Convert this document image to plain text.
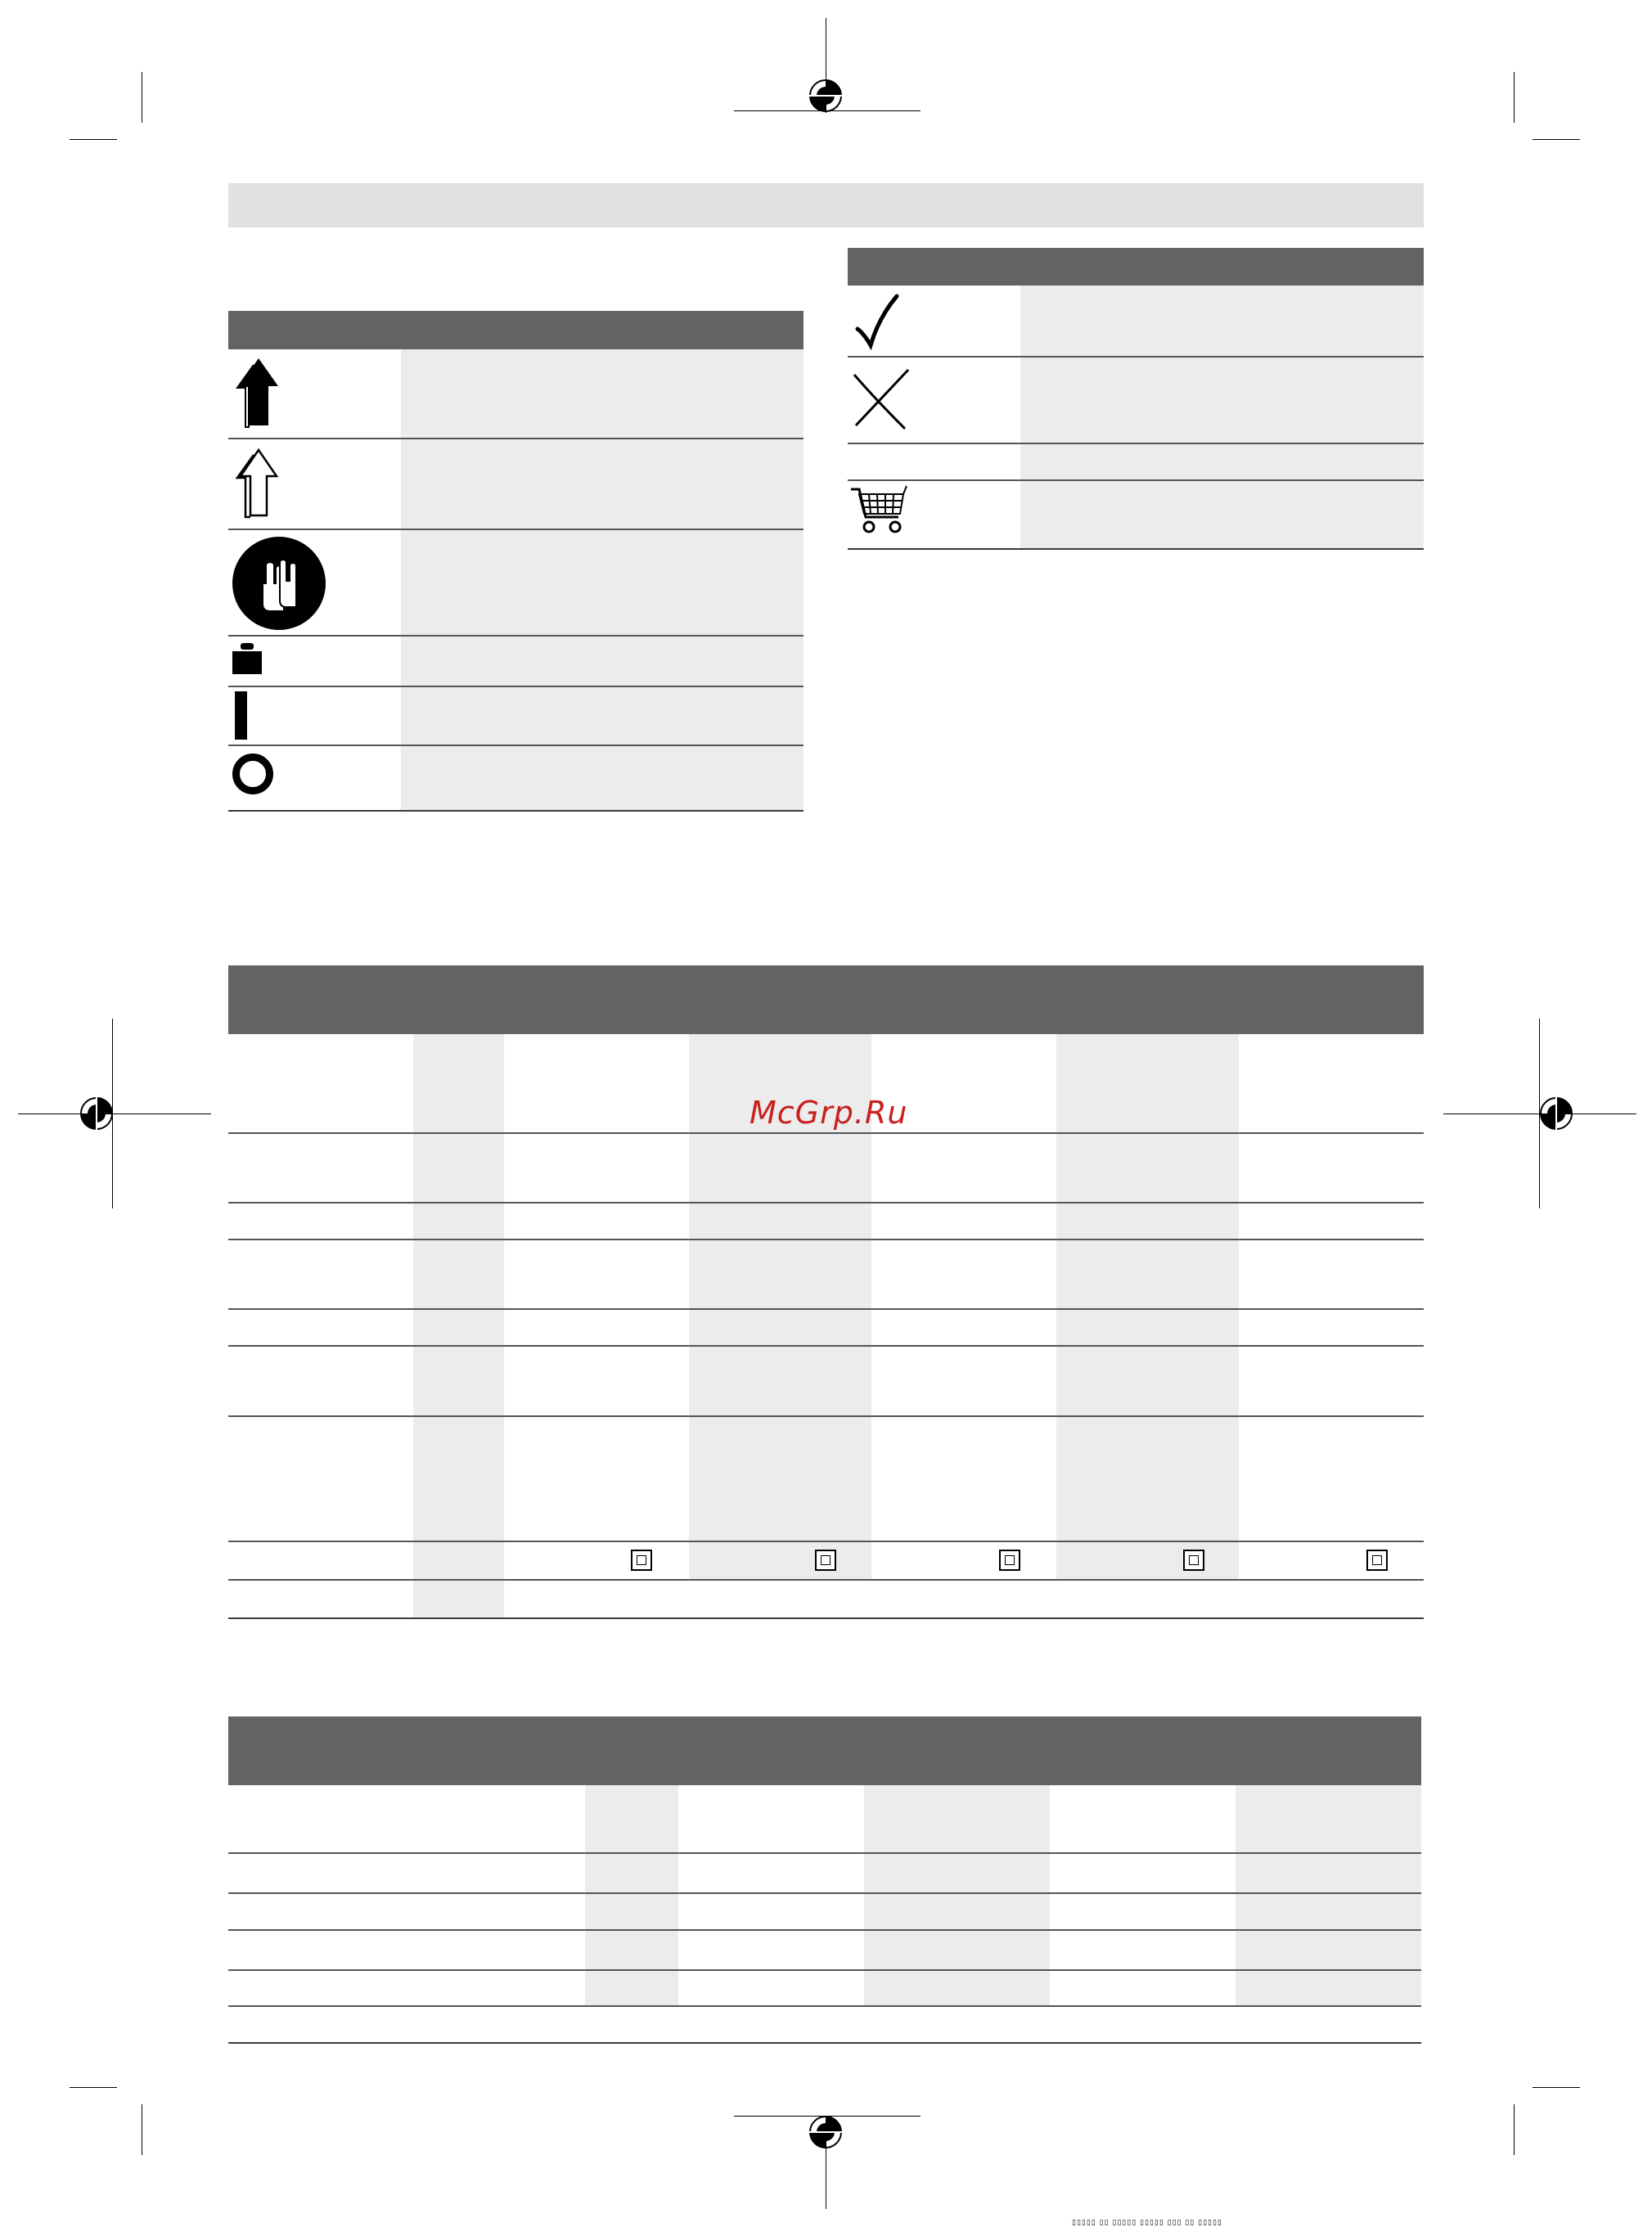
McGrp.Ru
▯▯▯▯▯ ▯▯ ▯▯▯▯▯ ▯▯▯▯▯ ▯▯▯ ▯▯ ▯▯▯▯▯
